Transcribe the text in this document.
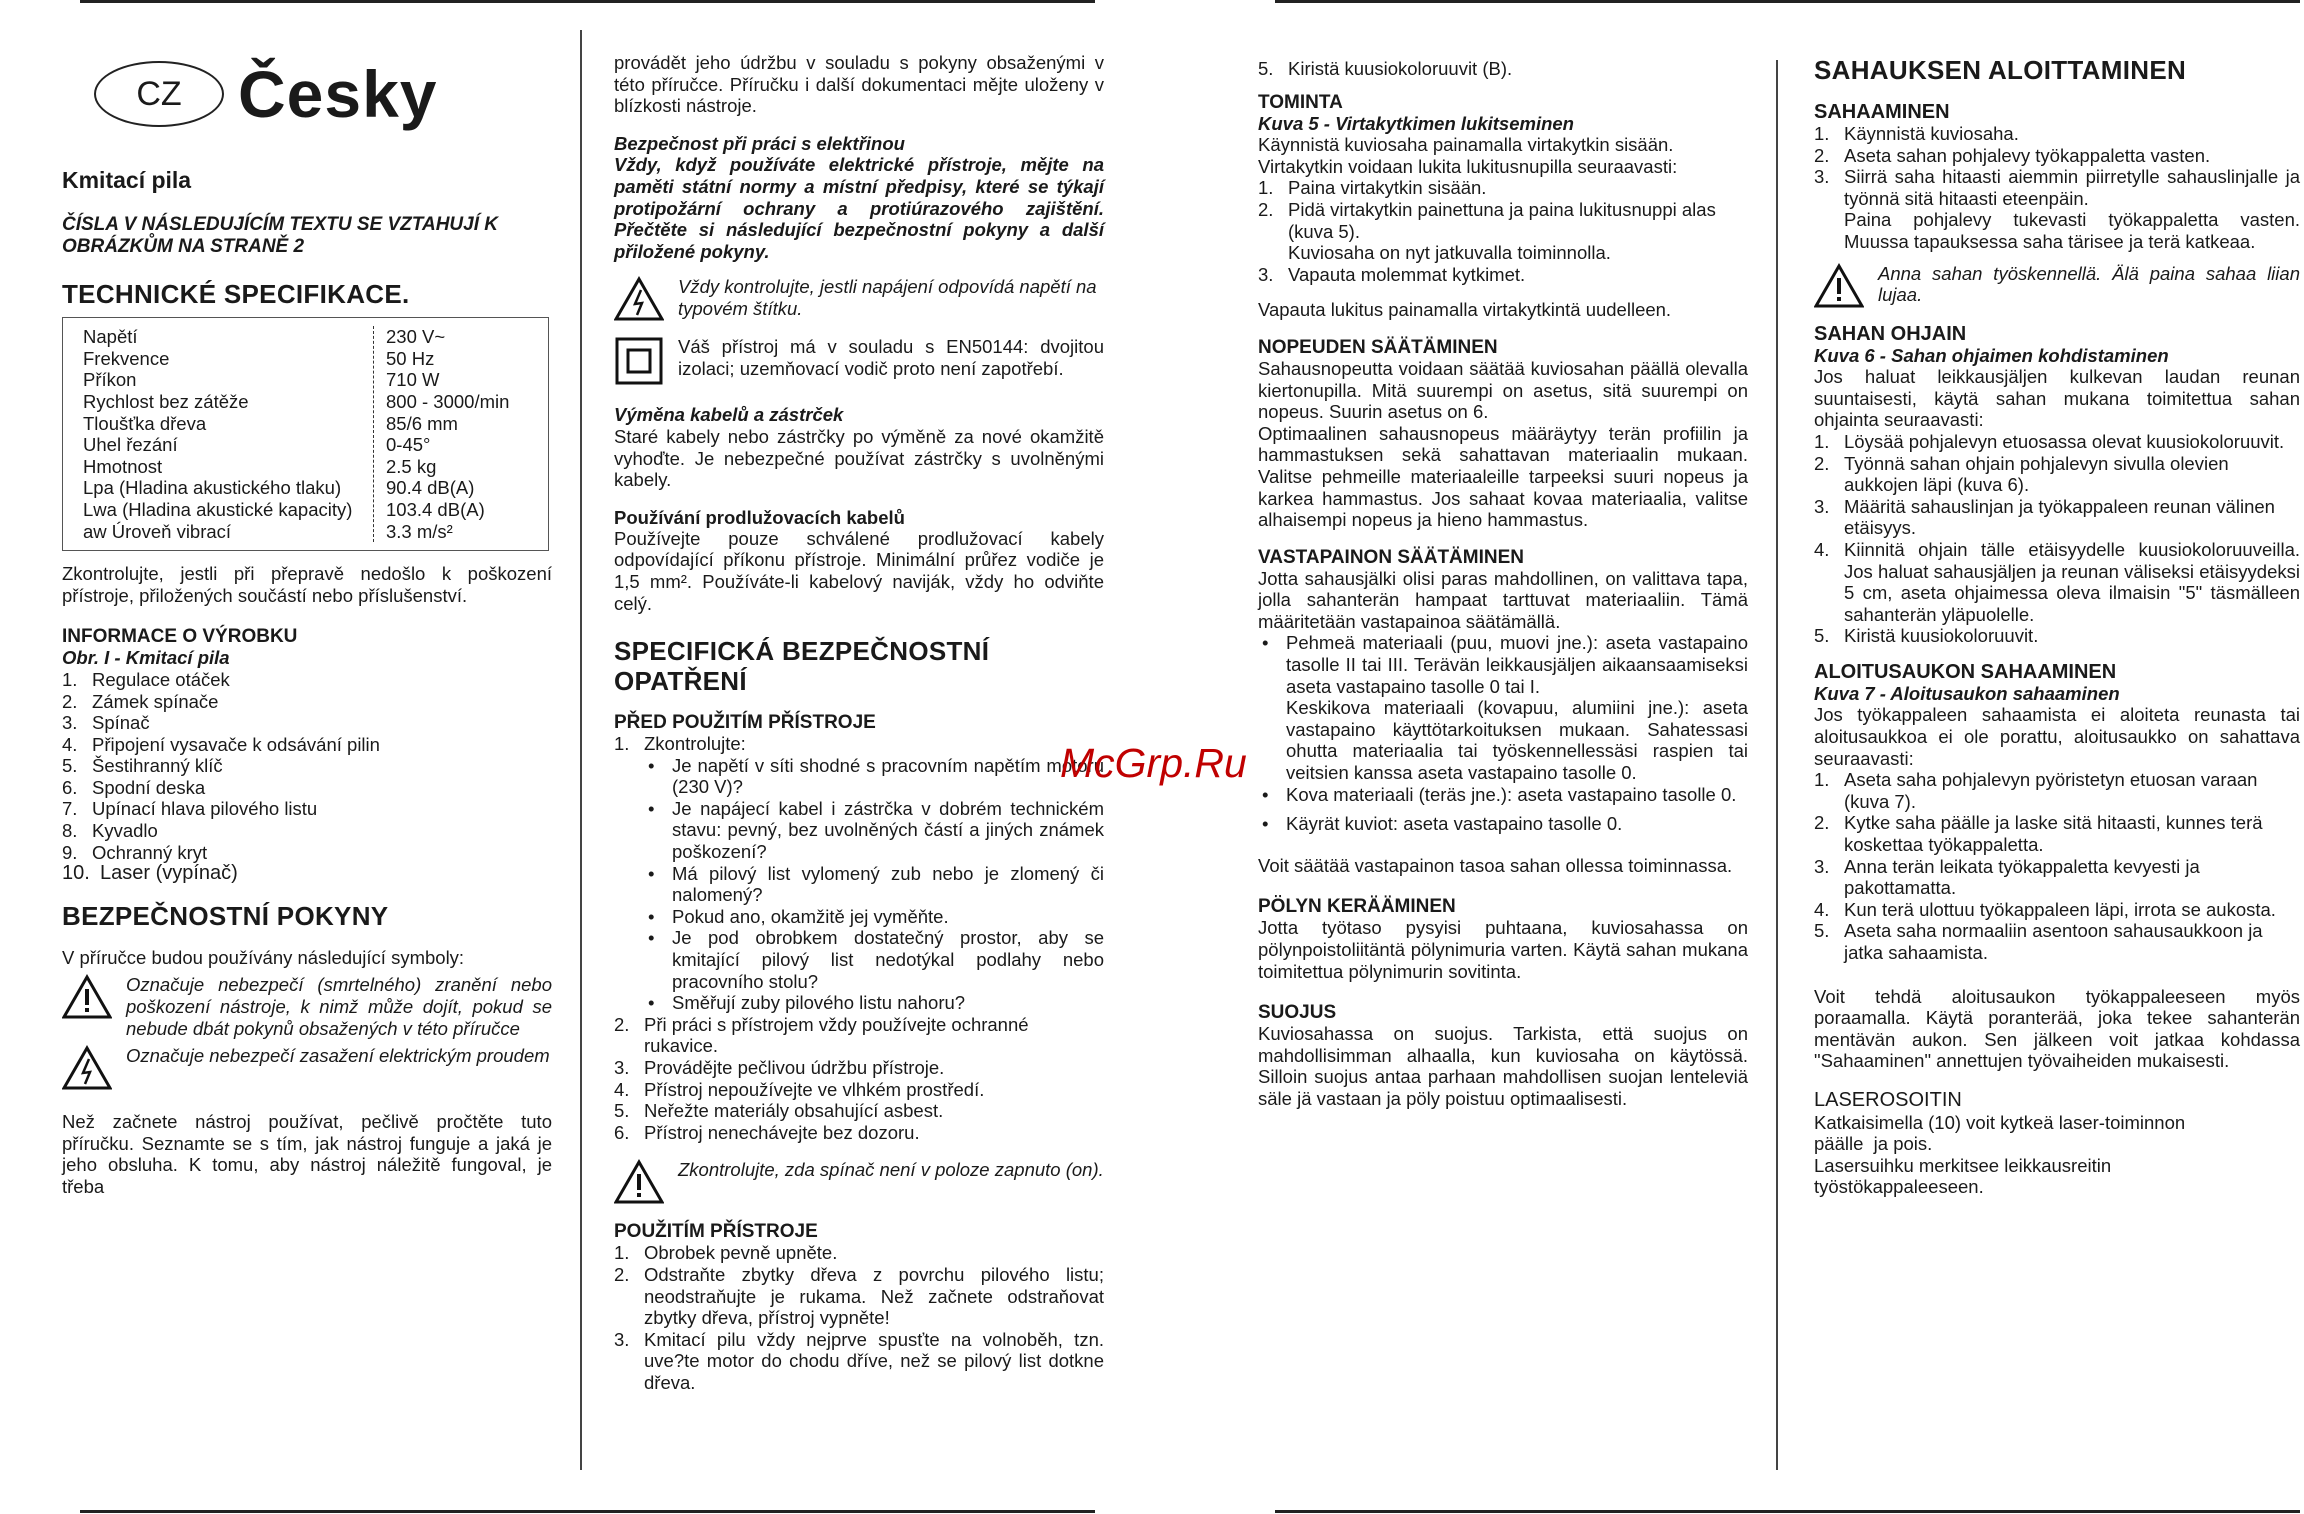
CZ Česky

Kmitací pila

ČÍSLA V NÁSLEDUJÍCÍM TEXTU SE VZTAHUJÍ K OBRÁZKŮM NA STRANĚ 2

TECHNICKÉ SPECIFIKACE.

Napětí

Frekvence

Příkon

Rychlost bez zátěže

Tloušťka dřeva

Uhel řezání

Hmotnost

Lpa (Hladina akustického tlaku)

Lwa (Hladina akustické kapacity)

aw Úroveň vibrací

230 V~

50 Hz

710 W

800 - 3000/min

85/6 mm

0-45°

2.5 kg

90.4 dB(A)

103.4 dB(A)

3.3 m/s²

Zkontrolujte, jestli při přepravě nedošlo k poškození přístroje, přiložených součástí nebo příslušenství.

INFORMACE O VÝROBKU

Obr. I - Kmitací pila

1. Regulace otáček
2. Zámek spínače
3. Spínač
4. Připojení vysavače k odsávání pilin
5. Šestihranný klíč
6. Spodní deska
7. Upínací hlava pilového listu
8. Kyvadlo
9. Ochranný kryt
10. Laser (vypínač)

BEZPEČNOSTNÍ POKYNY

V příručce budou používány následující symboly:

Označuje nebezpečí (smrtelného) zranění nebo poškození nástroje, k nimž může dojít, pokud se nebude dbát pokynů obsažených v této příručce
Označuje nebezpečí zasažení elektrickým proudem

Než začnete nástroj používat, pečlivě pročtěte tuto příručku. Seznamte se s tím, jak nástroj funguje a jaká je jeho obsluha. K tomu, aby nástroj náležitě fungoval, je třeba

provádět jeho údržbu v souladu s pokyny obsaženými v této příručce. Příručku i další dokumentaci mějte uloženy v blízkosti nástroje.

Bezpečnost při práci s elektřinou

Vždy, když používáte elektrické přístroje, mějte na paměti státní normy a místní předpisy, které se týkají protipožární ochrany a protiúrazového zajištění. Přečtěte si následující bezpečnostní pokyny a další přiložené pokyny.

Vždy kontrolujte, jestli napájení odpovídá napětí na typovém štítku.
Váš přístroj má v souladu s EN50144: dvojitou izolaci; uzemňovací vodič proto není zapotřebí.

Výměna kabelů a zástrček

Staré kabely nebo zástrčky po výměně za nové okamžitě vyhoďte. Je nebezpečné používat zástrčky s uvolněnými kabely.

Používání prodlužovacích kabelů

Používejte pouze schválené prodlužovací kabely odpovídající příkonu přístroje. Minimální průřez vodiče je 1,5 mm². Používáte-li kabelový naviják, vždy ho odviňte celý.

SPECIFICKÁ BEZPEČNOSTNÍ OPATŘENÍ

PŘED POUŽITÍM PŘÍSTROJE

1. Zkontrolujte:
• Je napětí v síti shodné s pracovním napětím motoru (230 V)?
• Je napájecí kabel i zástrčka v dobrém technickém stavu: pevný, bez uvolněných částí a jiných známek poškození?
• Má pilový list vylomený zub nebo je zlomený či nalomený?
• Pokud ano, okamžitě jej vyměňte.
• Je pod obrobkem dostatečný prostor, aby se kmitající pilový list nedotýkal podlahy nebo pracovního stolu?
• Směřují zuby pilového listu nahoru?
2. Při práci s přístrojem vždy používejte ochranné rukavice.
3. Provádějte pečlivou údržbu přístroje.
4. Přístroj nepoužívejte ve vlhkém prostředí.
5. Neřežte materiály obsahující asbest.
6. Přístroj nenechávejte bez dozoru.
Zkontrolujte, zda spínač není v poloze zapnuto (on).

POUŽITÍM PŘÍSTROJE

1. Obrobek pevně upněte.
2. Odstraňte zbytky dřeva z povrchu pilového listu; neodstraňujte je rukama. Než začnete odstraňovat zbytky dřeva, přístroj vypněte!
3. Kmitací pilu vždy nejprve spusťte na volnoběh, tzn. uve?te motor do chodu dříve, než se pilový list dotkne dřeva.
McGrp.Ru
5. Kiristä kuusiokoloruuvit (B).

TOMINTA

Kuva 5 - Virtakytkimen lukitseminen

Käynnistä kuviosaha painamalla virtakytkin sisään.

Virtakytkin voidaan lukita lukitusnupilla seuraavasti:

1. Paina virtakytkin sisään.
2. Pidä virtakytkin painettuna ja paina lukitusnuppi alas (kuva 5).
Kuviosaha on nyt jatkuvalla toiminnolla.
3. Vapauta molemmat kytkimet.

Vapauta lukitus painamalla virtakytkintä uudelleen.

NOPEUDEN SÄÄTÄMINEN

Sahausnopeutta voidaan säätää kuviosahan päällä olevalla kiertonupilla. Mitä suurempi on asetus, sitä suurempi on nopeus. Suurin asetus on 6.

Optimaalinen sahausnopeus määräytyy terän profiilin ja hammastuksen sekä sahattavan materiaalin mukaan. Valitse pehmeille materiaaleille tarpeeksi suuri nopeus ja karkea hammastus. Jos sahaat kovaa materiaalia, valitse alhaisempi nopeus ja hieno hammastus.

VASTAPAINON SÄÄTÄMINEN

Jotta sahausjälki olisi paras mahdollinen, on valittava tapa, jolla sahanterän hampaat tarttuvat materiaaliin. Tämä määritetään vastapainoa säätämällä.

• Pehmeä materiaali (puu, muovi jne.): aseta vastapaino tasolle II tai III. Terävän leikkausjäljen aikaansaamiseksi aseta vastapaino tasolle 0 tai I.
Keskikova materiaali (kovapuu, alumiini jne.): aseta vastapaino käyttötarkoituksen mukaan. Sahatessasi ohutta materiaalia tai työskennellessäsi raspien tai veitsien kanssa aseta vastapaino tasolle 0.
• Kova materiaali (teräs jne.): aseta vastapaino tasolle 0.
• Käyrät kuviot: aseta vastapaino tasolle 0.

Voit säätää vastapainon tasoa sahan ollessa toiminnassa.

PÖLYN KERÄÄMINEN

Jotta työtaso pysyisi puhtaana, kuviosahassa on pölynpoistoliitäntä pölynimuria varten. Käytä sahan mukana toimitettua pölynimurin sovitinta.

SUOJUS

Kuviosahassa on suojus. Tarkista, että suojus on mahdollisimman alhaalla, kun kuviosaha on käytössä. Silloin suojus antaa parhaan mahdollisen suojan lenteleviä säle jä vastaan ja pöly poistuu optimaalisesti.

SAHAUKSEN ALOITTAMINEN

SAHAAMINEN

1. Käynnistä kuviosaha.
2. Aseta sahan pohjalevy työkappaletta vasten.
3. Siirrä saha hitaasti aiemmin piirretylle sahauslinjalle ja työnnä sitä hitaasti eteenpäin.
Paina pohjalevy tukevasti työkappaletta vasten. Muussa tapauksessa saha tärisee ja terä katkeaa.
Anna sahan työskennellä. Älä paina sahaa liian lujaa.

SAHAN OHJAIN

Kuva 6 - Sahan ohjaimen kohdistaminen

Jos haluat leikkausjäljen kulkevan laudan reunan suuntaisesti, käytä sahan mukana toimitettua sahan ohjainta seuraavasti:

1. Löysää pohjalevyn etuosassa olevat kuusiokoloruuvit.
2. Työnnä sahan ohjain pohjalevyn sivulla olevien aukkojen läpi (kuva 6).
3. Määritä sahauslinjan ja työkappaleen reunan välinen etäisyys.
4. Kiinnitä ohjain tälle etäisyydelle kuusiokoloruuveilla. Jos haluat sahausjäljen ja reunan väliseksi etäisyydeksi 5 cm, aseta ohjaimessa oleva ilmaisin "5" täsmälleen sahanterän yläpuolelle.
5. Kiristä kuusiokoloruuvit.

ALOITUSAUKON SAHAAMINEN

Kuva 7 - Aloitusaukon sahaaminen

Jos työkappaleen sahaamista ei aloiteta reunasta tai aloitusaukkoa ei ole porattu, aloitusaukko on sahattava seuraavasti:

1. Aseta saha pohjalevyn pyöristetyn etuosan varaan (kuva 7).
2. Kytke saha päälle ja laske sitä hitaasti, kunnes terä koskettaa työkappaletta.
3. Anna terän leikata työkappaletta kevyesti ja pakottamatta.
4. Kun terä ulottuu työkappaleen läpi, irrota se aukosta.
5. Aseta saha normaaliin asentoon sahausaukkoon ja jatka sahaamista.

Voit tehdä aloitusaukon työkappaleeseen myös poraamalla. Käytä poranterää, joka tekee sahanterän mentävän aukon. Sen jälkeen voit jatkaa kohdassa "Sahaaminen" annettujen työvaiheiden mukaisesti.

LASEROSOITIN

Katkaisimella (10) voit kytkeä laser-toiminnon

päälle  ja pois.

Lasersuihku merkitsee leikkausreitin

työstökappaleeseen.
